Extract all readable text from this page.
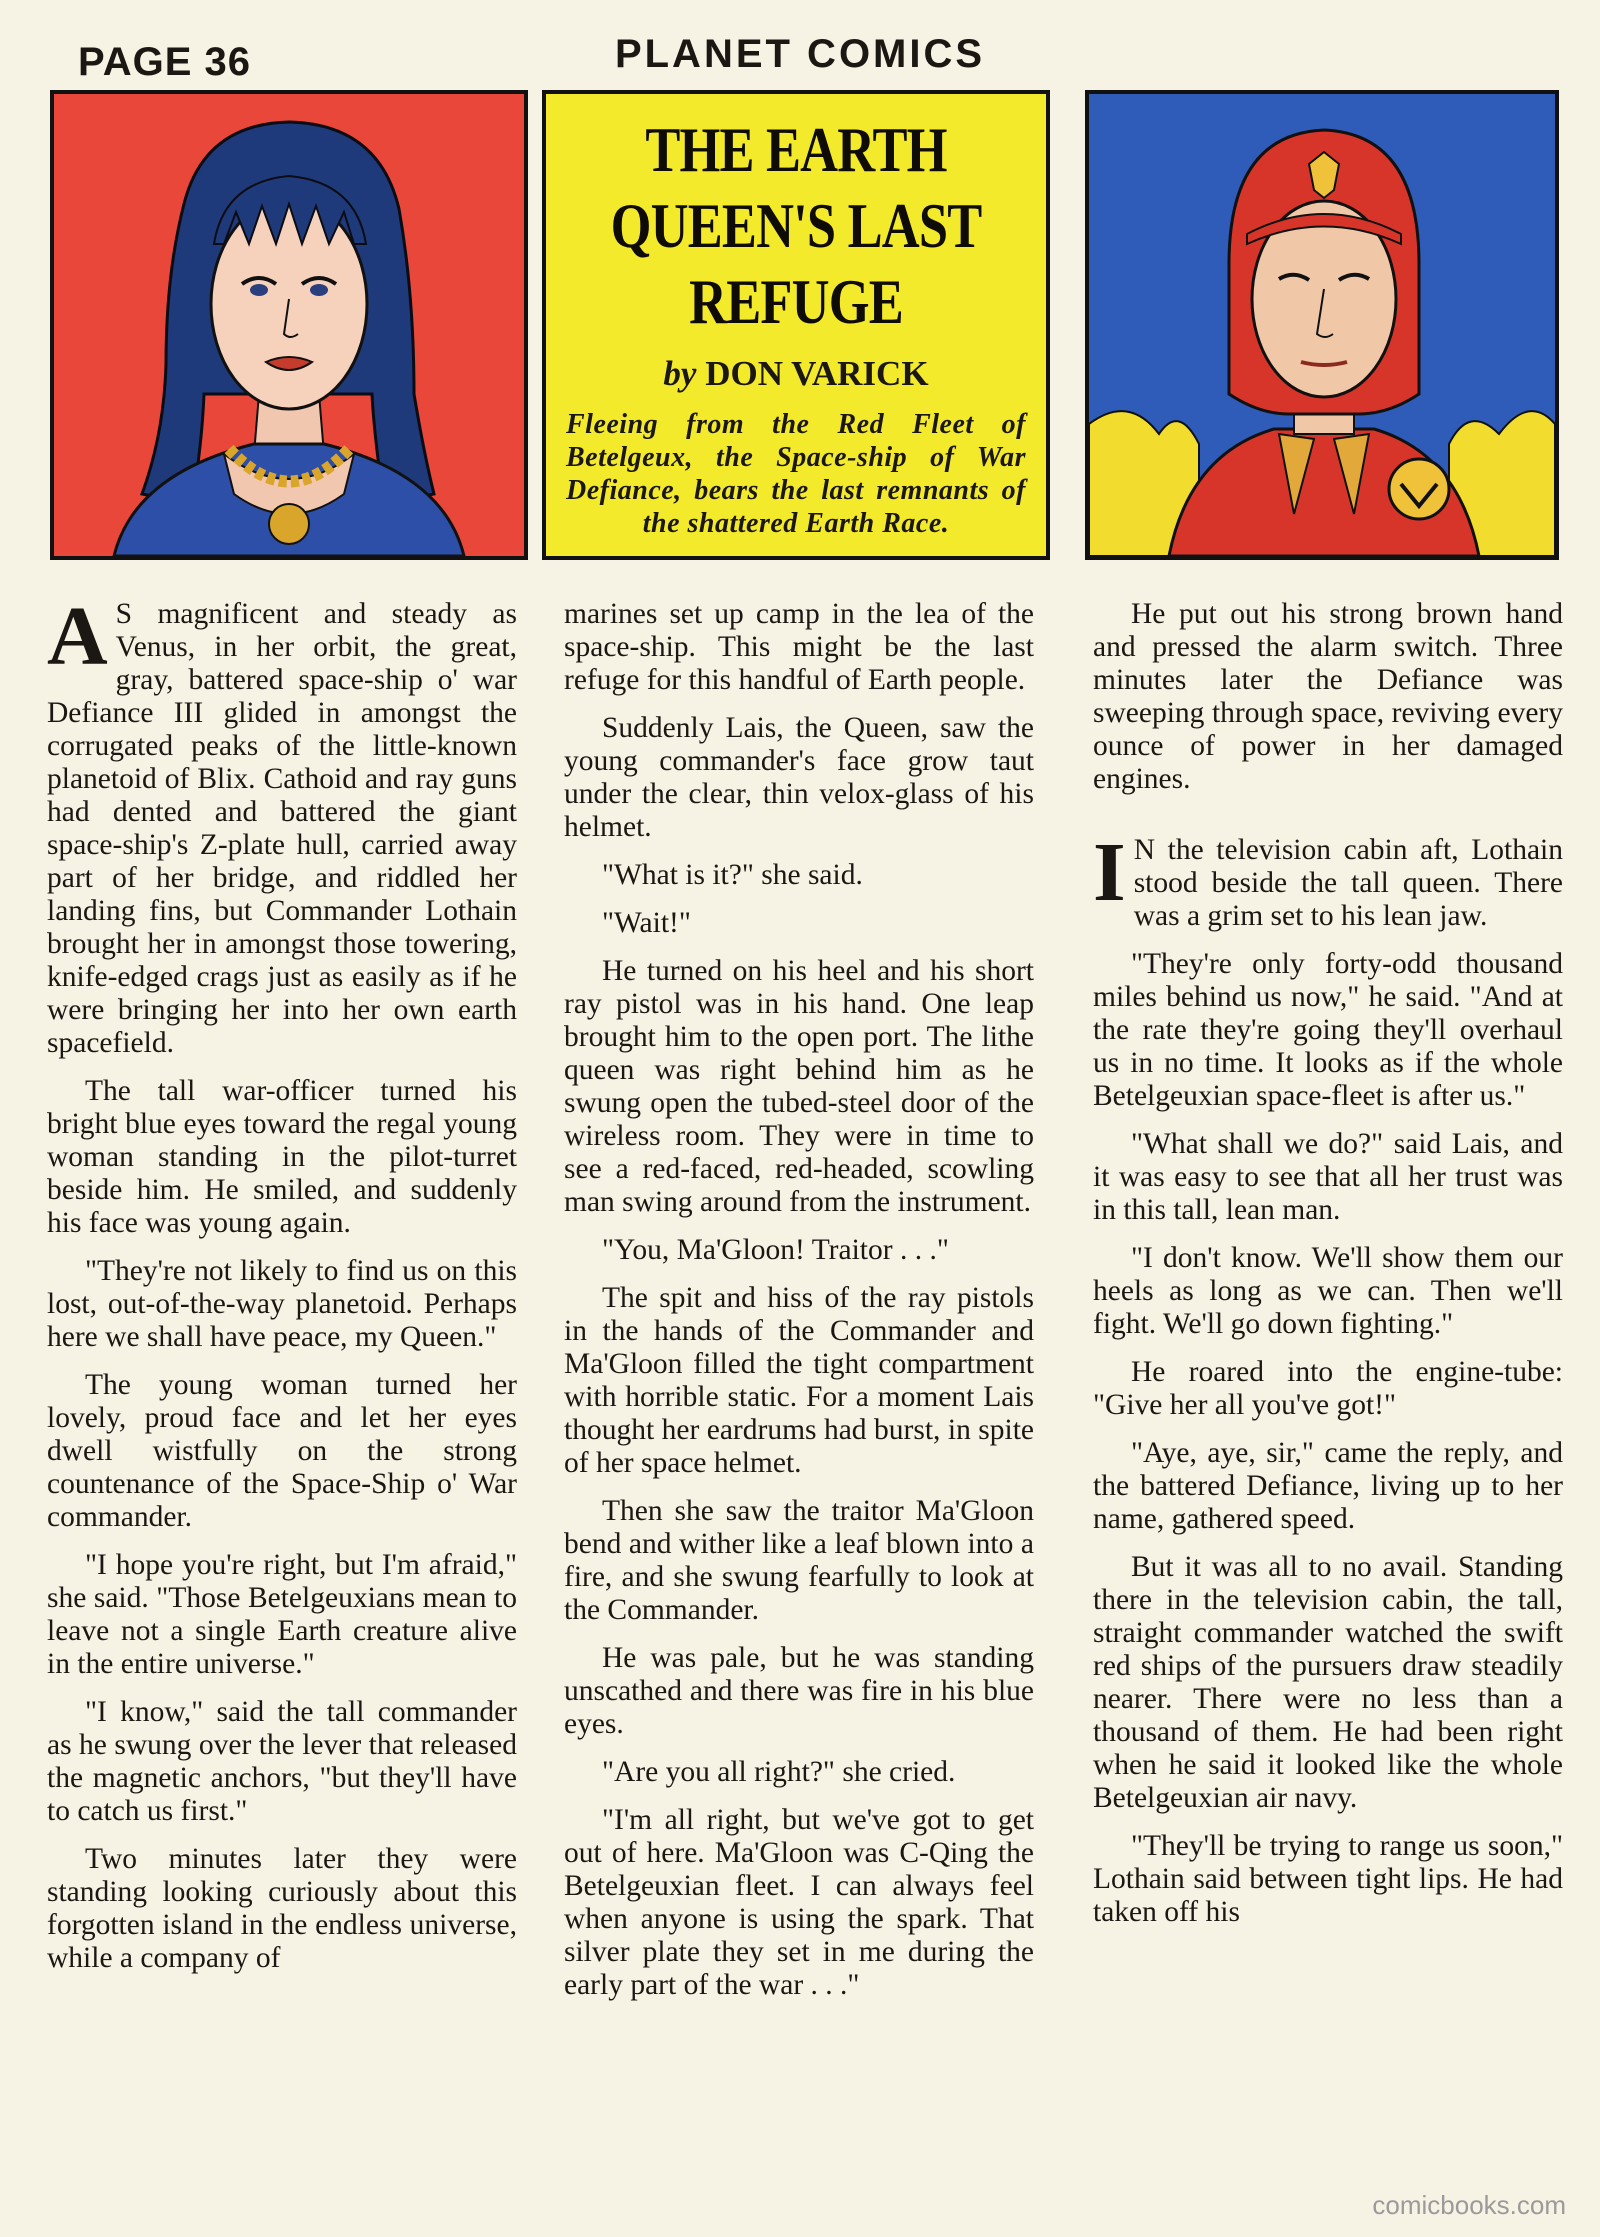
PAGE 36	PLANET COMICS
THE EARTH QUEEN'S LAST REFUGE
by DON VARICK
Fleeing from the Red Fleet of Betelgeux, the Space-ship of War Defiance, bears the last remnants of the shattered Earth Race.

A S magnificent and steady as Venus, in her orbit, the great, gray, battered space-ship o' war Defiance III glided in amongst the corrugated peaks of the little-known planetoid of Blix. Cathoid and ray guns had dented and battered the giant space-ship's Z-plate hull, carried away part of her bridge, and riddled her landing fins, but Commander Lothain brought her in amongst those towering, knife-edged crags just as easily as if he were bringing her into her own earth spacefield.

The tall war-officer turned his bright blue eyes toward the regal young woman standing in the pilot-turret beside him. He smiled, and suddenly his face was young again.

"They're not likely to find us on this lost, out-of-the-way planetoid. Perhaps here we shall have peace, my Queen."

The young woman turned her lovely, proud face and let her eyes dwell wistfully on the strong countenance of the Space-Ship o' War commander.

"I hope you're right, but I'm afraid," she said. "Those Betelgeuxians mean to leave not a single Earth creature alive in the entire universe."

"I know," said the tall commander as he swung over the lever that released the magnetic anchors, "but they'll have to catch us first."

Two minutes later they were standing looking curiously about this forgotten island in the endless universe, while a company of

marines set up camp in the lea of the space-ship. This might be the last refuge for this handful of Earth people.

Suddenly Lais, the Queen, saw the young commander's face grow taut under the clear, thin velox-glass of his helmet.

"What is it?" she said.

"Wait!"

He turned on his heel and his short ray pistol was in his hand. One leap brought him to the open port. The lithe queen was right behind him as he swung open the tubed-steel door of the wireless room. They were in time to see a red-faced, red-headed, scowling man swing around from the instrument.

"You, Ma'Gloon! Traitor . . ."

The spit and hiss of the ray pistols in the hands of the Commander and Ma'Gloon filled the tight compartment with horrible static. For a moment Lais thought her eardrums had burst, in spite of her space helmet.

Then she saw the traitor Ma'Gloon bend and wither like a leaf blown into a fire, and she swung fearfully to look at the Commander.

He was pale, but he was standing unscathed and there was fire in his blue eyes.

"Are you all right?" she cried.

"I'm all right, but we've got to get out of here. Ma'Gloon was C-Qing the Betelgeuxian fleet. I can always feel when anyone is using the spark. That silver plate they set in me during the early part of the war . . ."

He put out his strong brown hand and pressed the alarm switch. Three minutes later the Defiance was sweeping through space, reviving every ounce of power in her damaged engines.

I N the television cabin aft, Lothain stood beside the tall queen. There was a grim set to his lean jaw.

"They're only forty-odd thousand miles behind us now," he said. "And at the rate they're going they'll overhaul us in no time. It looks as if the whole Betelgeuxian space-fleet is after us."

"What shall we do?" said Lais, and it was easy to see that all her trust was in this tall, lean man.

"I don't know. We'll show them our heels as long as we can. Then we'll fight. We'll go down fighting."

He roared into the engine-tube: "Give her all you've got!"

"Aye, aye, sir," came the reply, and the battered Defiance, living up to her name, gathered speed.

But it was all to no avail. Standing there in the television cabin, the tall, straight commander watched the swift red ships of the pursuers draw steadily nearer. There were no less than a thousand of them. He had been right when he said it looked like the whole Betelgeuxian air navy.

"They'll be trying to range us soon," Lothain said between tight lips. He had taken off his

comicbooks.com
